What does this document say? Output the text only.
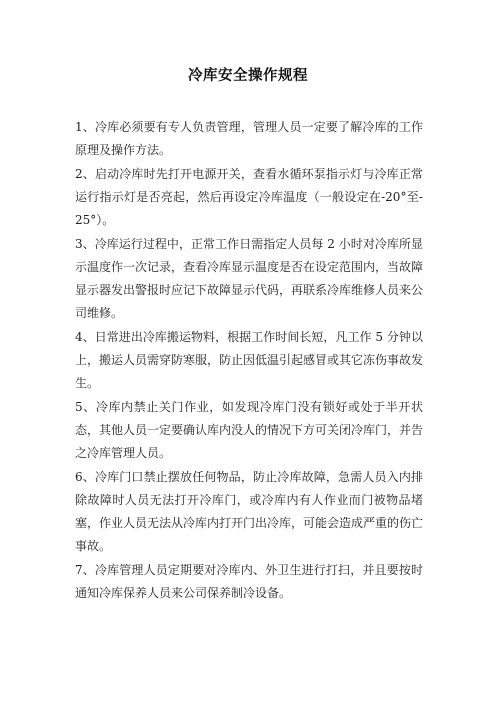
冷库安全操作规程

1、冷库必须要有专人负责管理，管理人员一定要了解冷库的工作原理及操作方法。

2、启动冷库时先打开电源开关，查看水循环泵指示灯与冷库正常运行指示灯是否亮起，然后再设定冷库温度（一般设定在-20°至-25°）。

3、冷库运行过程中，正常工作日需指定人员每 2 小时对冷库所显示温度作一次记录，查看冷库显示温度是否在设定范围内，当故障显示器发出警报时应记下故障显示代码，再联系冷库维修人员来公司维修。

4、日常进出冷库搬运物料，根据工作时间长短，凡工作 5 分钟以上，搬运人员需穿防寒服，防止因低温引起感冒或其它冻伤事故发生。

5、冷库内禁止关门作业，如发现冷库门没有锁好或处于半开状态，其他人员一定要确认库内没人的情况下方可关闭冷库门，并告之冷库管理人员。

6、冷库门口禁止摆放任何物品，防止冷库故障，急需人员入内排除故障时人员无法打开冷库门，或冷库内有人作业而门被物品堵塞，作业人员无法从冷库内打开门出冷库，可能会造成严重的伤亡事故。

7、冷库管理人员定期要对冷库内、外卫生进行打扫，并且要按时通知冷库保养人员来公司保养制冷设备。
